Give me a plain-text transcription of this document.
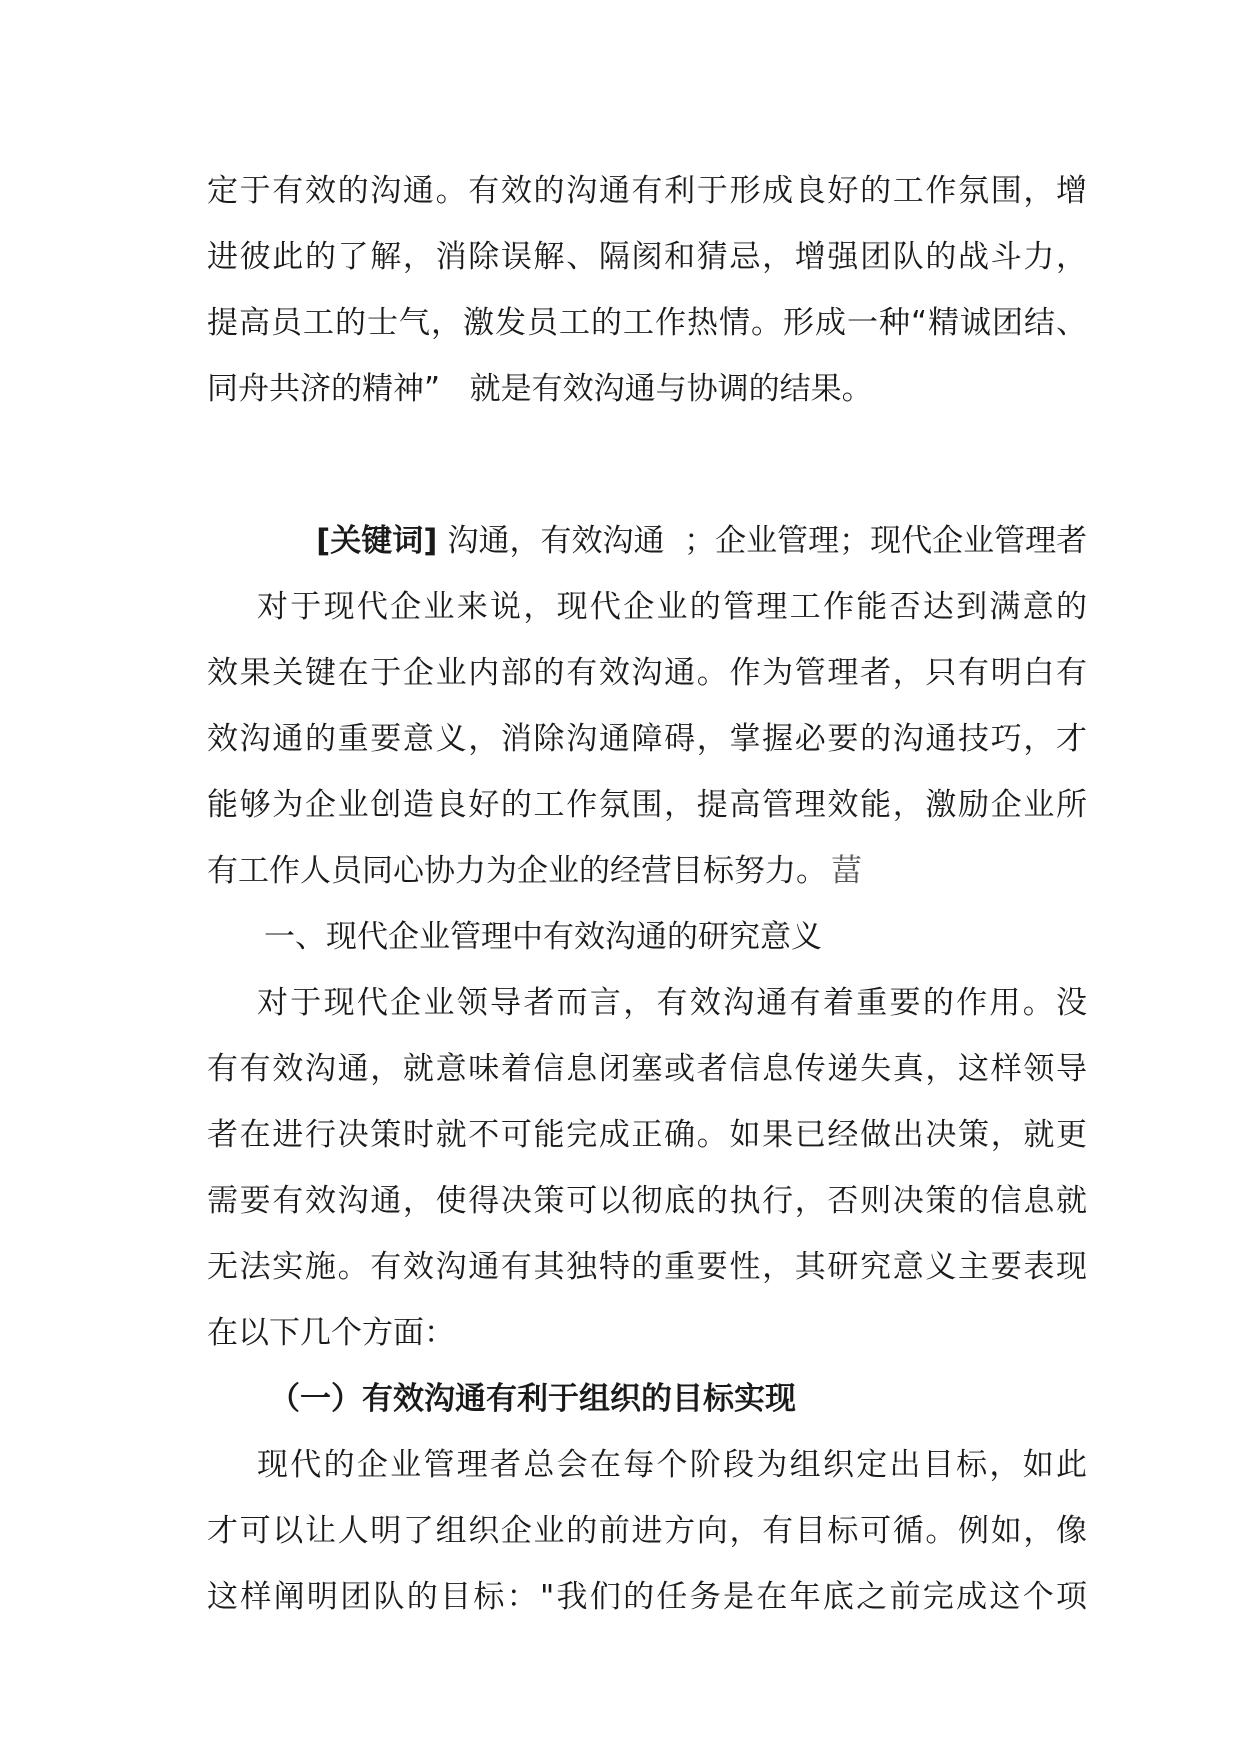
定于有效的沟通。有效的沟通有利于形成良好的工作氛围，增
进彼此的了解，消除误解、隔阂和猜忌，增强团队的战斗力，
提高员工的士气，激发员工的工作热情。形成一种“精诚团结、
同舟共济的精神”   就是有效沟通与协调的结果。

[关键词] 沟通，有效沟通  ；企业管理；现代企业管理者

对于现代企业来说，现代企业的管理工作能否达到满意的
效果关键在于企业内部的有效沟通。作为管理者，只有明白有
效沟通的重要意义，消除沟通障碍，掌握必要的沟通技巧，才
能够为企业创造良好的工作氛围，提高管理效能，激励企业所
有工作人员同心协力为企业的经营目标努力。 葍
一、现代企业管理中有效沟通的研究意义
对于现代企业领导者而言，有效沟通有着重要的作用。没
有有效沟通，就意味着信息闭塞或者信息传递失真，这样领导
者在进行决策时就不可能完成正确。如果已经做出决策，就更
需要有效沟通，使得决策可以彻底的执行，否则决策的信息就
无法实施。有效沟通有其独特的重要性，其研究意义主要表现
在以下几个方面：
（一）有效沟通有利于组织的目标实现
现代的企业管理者总会在每个阶段为组织定出目标，如此
才可以让人明了组织企业的前进方向，有目标可循。例如，像
这样阐明团队的目标："我们的任务是在年底之前完成这个项
